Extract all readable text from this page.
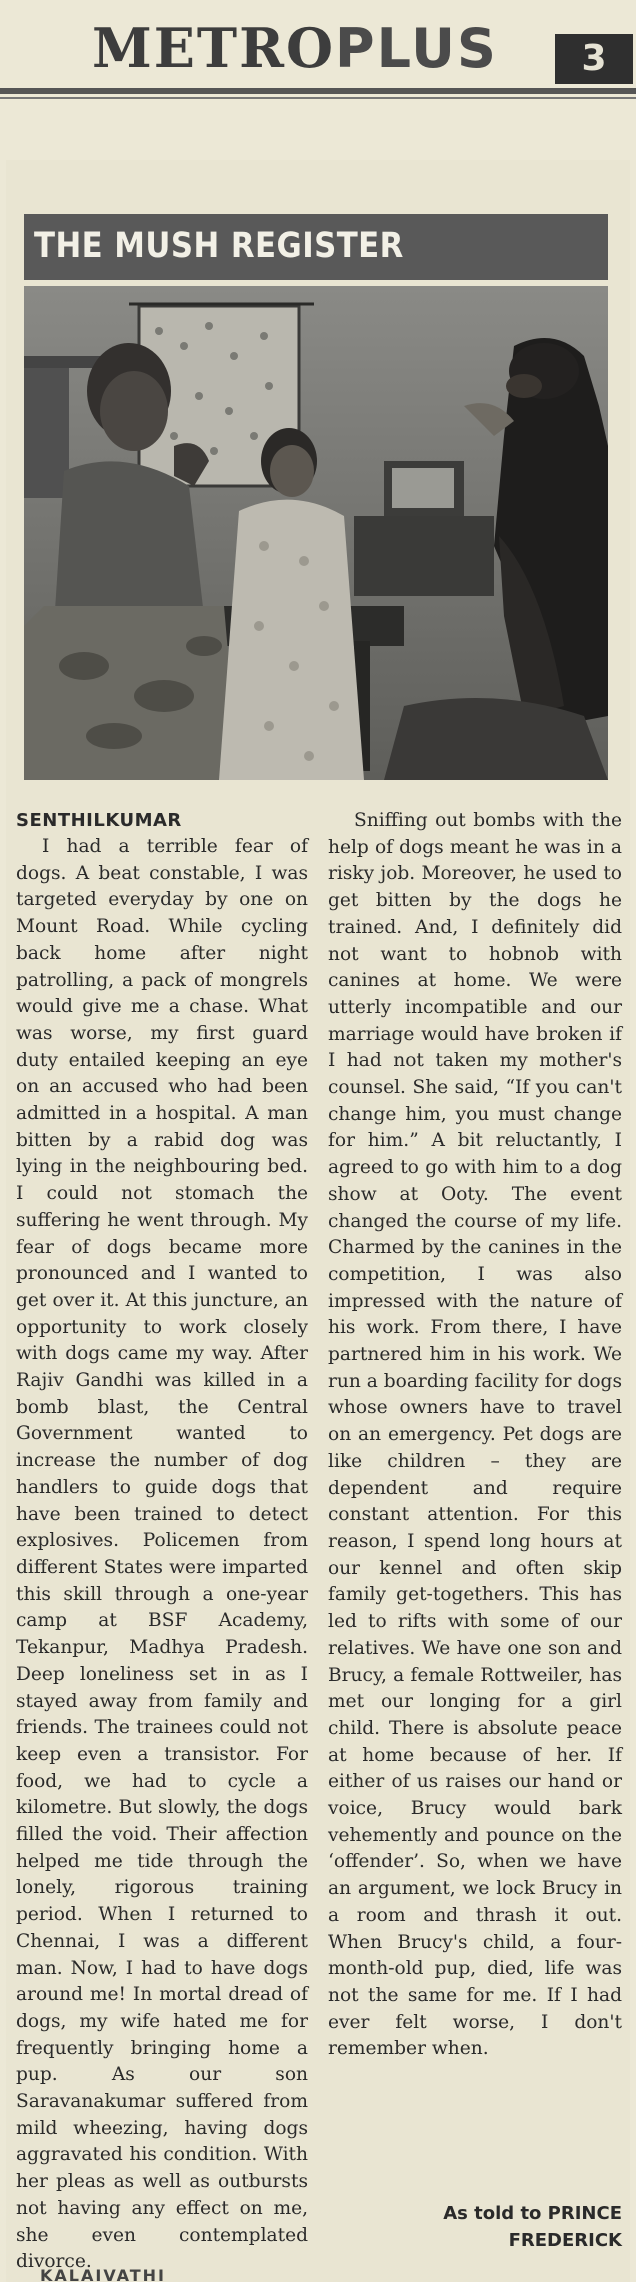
METROPLUS	3
THE MUSH REGISTER
SENTHILKUMAR

I had a terrible fear of dogs. A beat constable, I was targeted everyday by one on Mount Road. While cycling back home after night patrolling, a pack of mongrels would give me a chase. What was worse, my first guard duty entailed keeping an eye on an accused who had been admitted in a hospital. A man bitten by a rabid dog was lying in the neighbouring bed. I could not stomach the suffering he went through. My fear of dogs became more pronounced and I wanted to get over it. At this juncture, an opportunity to work closely with dogs came my way. After Rajiv Gandhi was killed in a bomb blast, the Central Government wanted to increase the number of dog handlers to guide dogs that have been trained to detect explosives. Policemen from different States were imparted this skill through a one-year camp at BSF Academy, Tekanpur, Madhya Pradesh. Deep loneliness set in as I stayed away from family and friends. The trainees could not keep even a transistor. For food, we had to cycle a kilometre. But slowly, the dogs filled the void. Their affection helped me tide through the lonely, rigorous training period. When I returned to Chennai, I was a different man. Now, I had to have dogs around me! In mortal dread of dogs, my wife hated me for frequently bringing home a pup. As our son Saravanakumar suffered from mild wheezing, having dogs aggravated his condition. With her pleas as well as outbursts not having any effect on me, she even contemplated divorce.

Sniffing out bombs with the help of dogs meant he was in a risky job. Moreover, he used to get bitten by the dogs he trained. And, I definitely did not want to hobnob with canines at home. We were utterly incompatible and our marriage would have broken if I had not taken my mother's counsel. She said, “If you can't change him, you must change for him.” A bit reluctantly, I agreed to go with him to a dog show at Ooty. The event changed the course of my life. Charmed by the canines in the competition, I was also impressed with the nature of his work. From there, I have partnered him in his work. We run a boarding facility for dogs whose owners have to travel on an emergency. Pet dogs are like children – they are dependent and require constant attention. For this reason, I spend long hours at our kennel and often skip family get-togethers. This has led to rifts with some of our relatives. We have one son and Brucy, a female Rottweiler, has met our longing for a girl child. There is absolute peace at home because of her. If either of us raises our hand or voice, Brucy would bark vehemently and pounce on the ‘offender’. So, when we have an argument, we lock Brucy in a room and thrash it out. When Brucy's child, a four-month-old pup, died, life was not the same for me. If I had ever felt worse, I don't remember when.

As told to PRINCE
FREDERICK
KALAIVATHI
